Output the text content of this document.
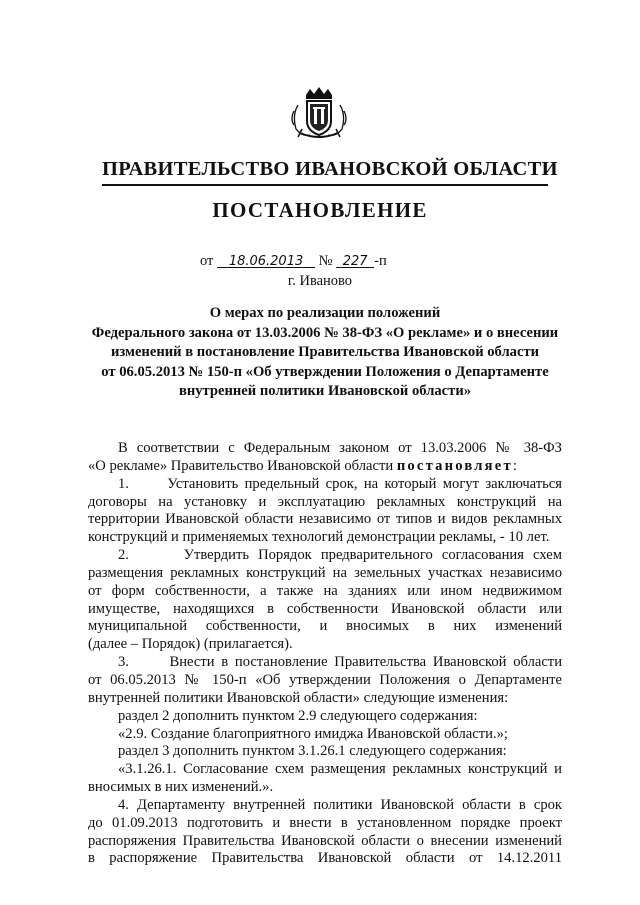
ПРАВИТЕЛЬСТВО ИВАНОВСКОЙ ОБЛАСТИ
ПОСТАНОВЛЕНИЕ
от 18.06.2013 № 227 -п
г. Иваново
О мерах по реализации положений
Федерального закона от 13.03.2006 № 38-ФЗ «О рекламе» и о внесении
изменений в постановление Правительства Ивановской области
от 06.05.2013 № 150-п «Об утверждении Положения о Департаменте
внутренней политики Ивановской области»
В соответствии с Федеральным законом от 13.03.2006 № 38-ФЗ
«О рекламе» Правительство Ивановской области постановляет:
1.      Установить предельный срок, на который могут заключаться
договоры на установку и эксплуатацию рекламных конструкций на
территории Ивановской области независимо от типов и видов рекламных
конструкций и применяемых технологий демонстрации рекламы, - 10 лет.
2.      Утвердить Порядок предварительного согласования схем
размещения рекламных конструкций на земельных участках независимо
от форм собственности, а также на зданиях или ином недвижимом
имуществе, находящихся в собственности Ивановской области или
муниципальной собственности, и вносимых в них изменений
(далее – Порядок) (прилагается).
3.      Внести в постановление Правительства Ивановской области
от 06.05.2013 № 150-п «Об утверждении Положения о Департаменте
внутренней политики Ивановской области» следующие изменения:
раздел 2 дополнить пунктом 2.9 следующего содержания:
«2.9. Создание благоприятного имиджа Ивановской области.»;
раздел 3 дополнить пунктом 3.1.26.1 следующего содержания:
«3.1.26.1. Согласование схем размещения рекламных конструкций и
вносимых в них изменений.».
4. Департаменту внутренней политики Ивановской области в срок
до 01.09.2013 подготовить и внести в установленном порядке проект
распоряжения Правительства Ивановской области о внесении изменений
в распоряжение Правительства Ивановской области от 14.12.2011
